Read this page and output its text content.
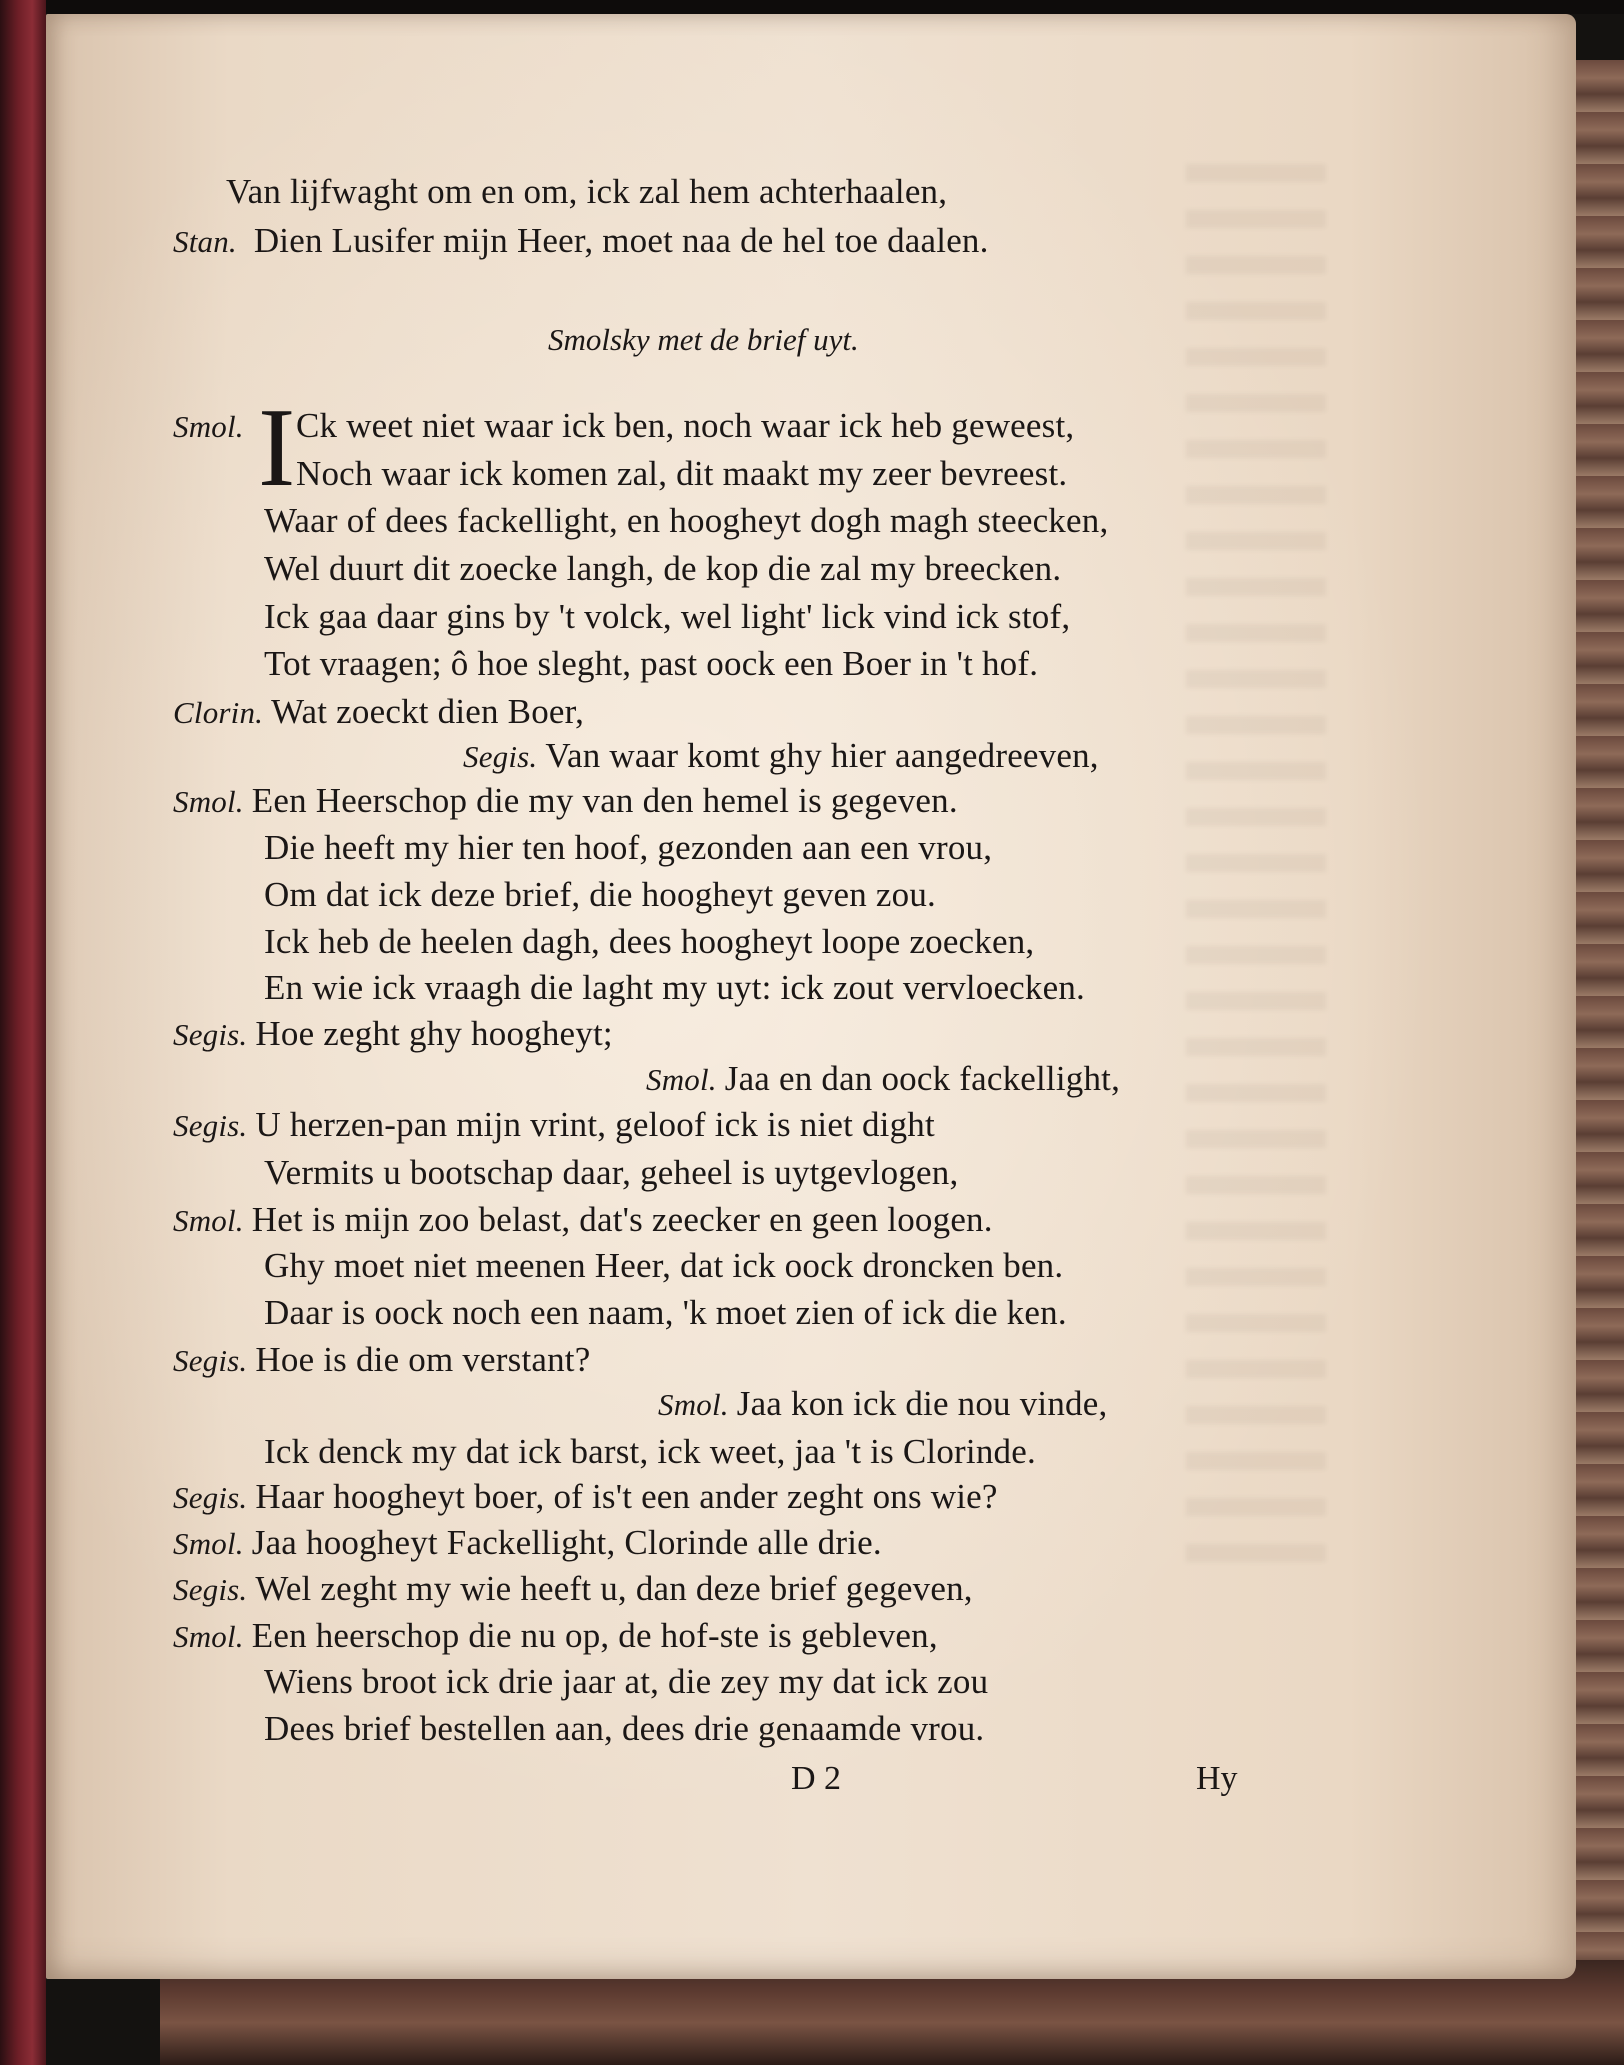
Van lijfwaght om en om, ick zal hem achterhaalen,
Stan. Dien Lusifer mijn Heer, moet naa de hel toe daalen.
Smolsky met de brief uyt.
Smol. I Ck weet niet waar ick ben, noch waar ick heb geweest,
Noch waar ick komen zal, dit maakt my zeer bevreest.
Waar of dees fackellight, en hoogheyt dogh magh steecken,
Wel duurt dit zoecke langh, de kop die zal my breecken.
Ick gaa daar gins by 't volck, wel light' lick vind ick stof,
Tot vraagen; ô hoe sleght, past oock een Boer in 't hof.
Clorin. Wat zoeckt dien Boer,
Segis. Van waar komt ghy hier aangedreeven,
Smol. Een Heerschop die my van den hemel is gegeven.
Die heeft my hier ten hoof, gezonden aan een vrou,
Om dat ick deze brief, die hoogheyt geven zou.
Ick heb de heelen dagh, dees hoogheyt loope zoecken,
En wie ick vraagh die laght my uyt: ick zout vervloecken.
Segis. Hoe zeght ghy hoogheyt;
Smol. Jaa en dan oock fackellight,
Segis. U herzen-pan mijn vrint, geloof ick is niet dight
Vermits u bootschap daar, geheel is uytgevlogen,
Smol. Het is mijn zoo belast, dat's zeecker en geen loogen.
Ghy moet niet meenen Heer, dat ick oock droncken ben.
Daar is oock noch een naam, 'k moet zien of ick die ken.
Segis. Hoe is die om verstant?
Smol. Jaa kon ick die nou vinde,
Ick denck my dat ick barst, ick weet, jaa 't is Clorinde.
Segis. Haar hoogheyt boer, of is't een ander zeght ons wie?
Smol. Jaa hoogheyt Fackellight, Clorinde alle drie.
Segis. Wel zeght my wie heeft u, dan deze brief gegeven,
Smol. Een heerschop die nu op, de hof-ste is gebleven,
Wiens broot ick drie jaar at, die zey my dat ick zou
Dees brief bestellen aan, dees drie genaamde vrou.
D 2	Hy
